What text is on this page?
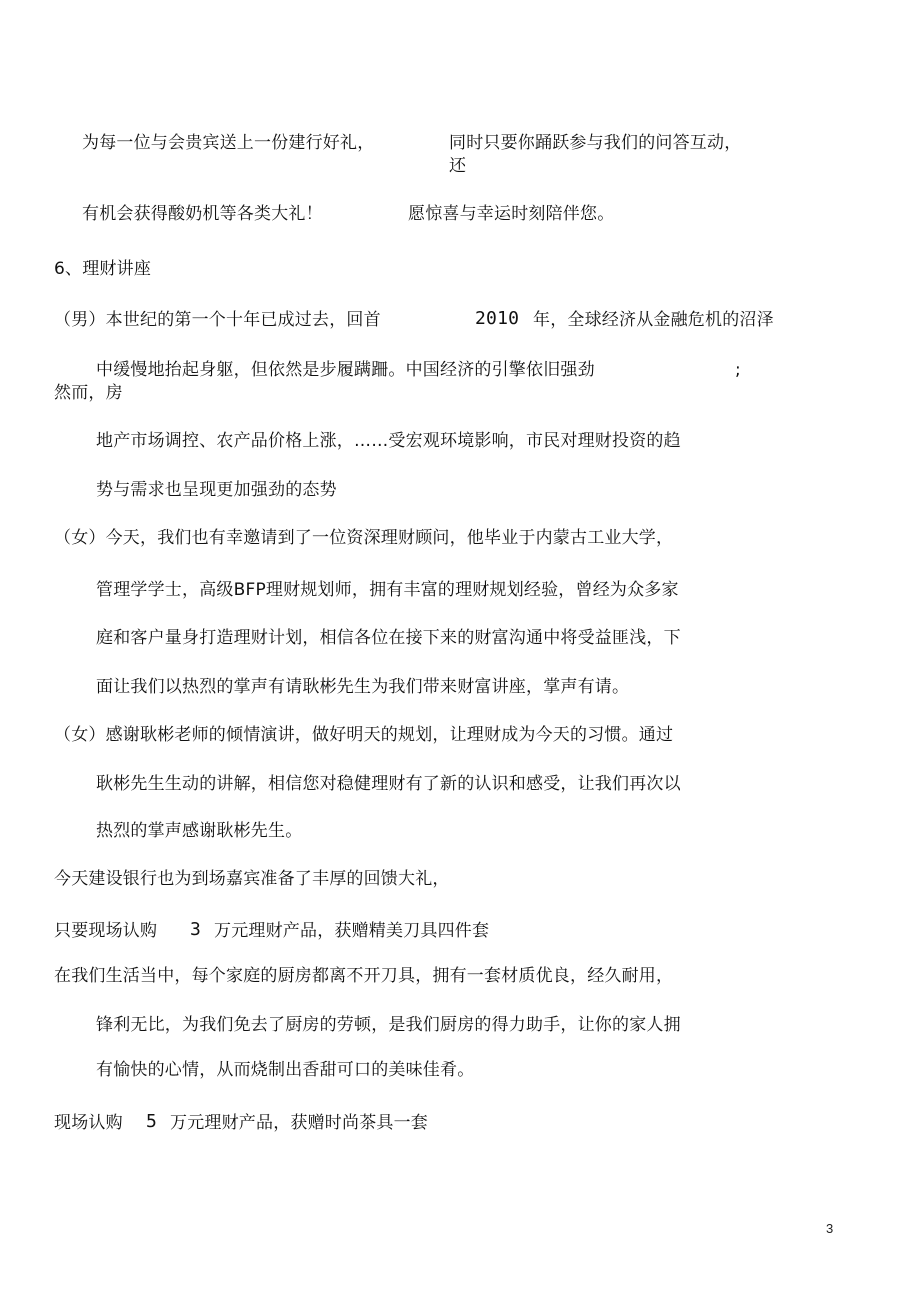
为每一位与会贵宾送上一份建行好礼，	同时只要你踊跃参与我们的问答互动，
还
有机会获得酸奶机等各类大礼！	愿惊喜与幸运时刻陪伴您。
6、理财讲座
（男）本世纪的第一个十年已成过去，回首	2010 年，全球经济从金融危机的沼泽
中缓慢地抬起身躯，但依然是步履蹒跚。中国经济的引擎依旧强劲	;
然而，房
地产市场调控、农产品价格上涨，……受宏观环境影响，市民对理财投资的趋
势与需求也呈现更加强劲的态势
（女）今天，我们也有幸邀请到了一位资深理财顾问，他毕业于内蒙古工业大学，
管理学学士，高级BFP理财规划师，拥有丰富的理财规划经验，曾经为众多家
庭和客户量身打造理财计划，相信各位在接下来的财富沟通中将受益匪浅，下
面让我们以热烈的掌声有请耿彬先生为我们带来财富讲座，掌声有请。
（女）感谢耿彬老师的倾情演讲，做好明天的规划，让理财成为今天的习惯。通过
耿彬先生生动的讲解，相信您对稳健理财有了新的认识和感受，让我们再次以
热烈的掌声感谢耿彬先生。
今天建设银行也为到场嘉宾准备了丰厚的回馈大礼，
只要现场认购 3 万元理财产品，获赠精美刀具四件套
在我们生活当中，每个家庭的厨房都离不开刀具，拥有一套材质优良，经久耐用，
锋利无比，为我们免去了厨房的劳顿，是我们厨房的得力助手，让你的家人拥
有愉快的心情，从而烧制出香甜可口的美味佳肴。
现场认购 5 万元理财产品，获赠时尚茶具一套
3
